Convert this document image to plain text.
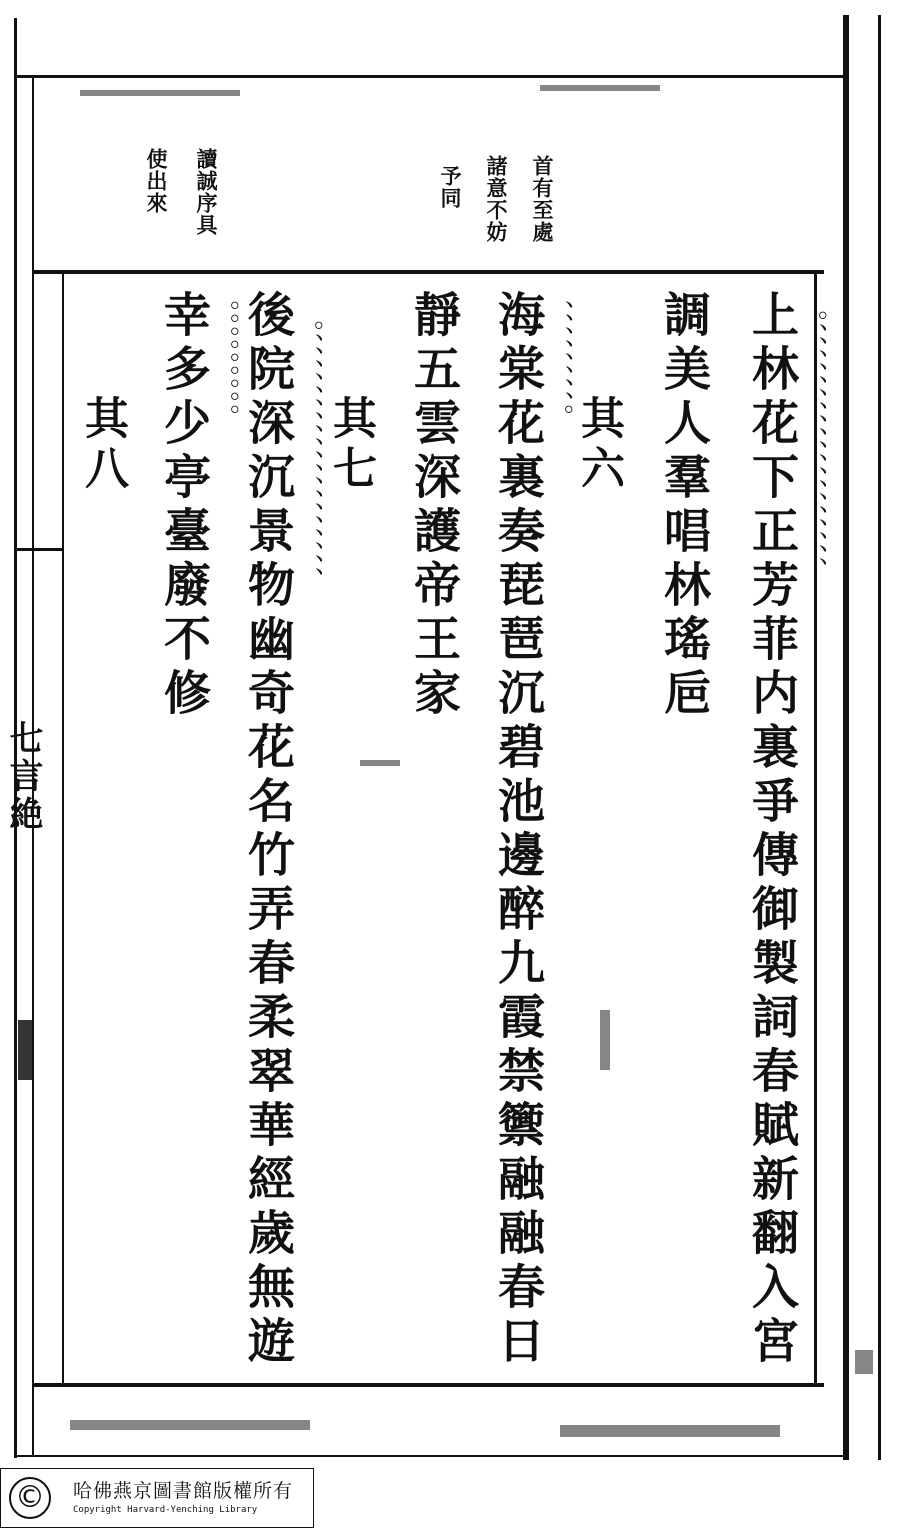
七言絶	上林花下正芳菲内裏爭傳御製詞春賦新翻入宮 。、、、、、、、、、、、、、、、、、、、
調美人羣唱林瑤巵
其六
海棠花裏奏琵琶沉碧池邊醉九霞禁籞融融春日 、、、、、、、、。
靜五雲深護帝王家
其七
後院深沉景物幽奇花名竹弄春柔翠華經歲無遊 。、、、、、、、、、、、、、、、、、、、
幸多少亭臺廢不修 。。。。。。。。。
其八
首有至處
諸意不妨
予同
讀誠序具
使出來
©	哈佛燕京圖書館版權所有
Copyright Harvard-Yenching Library
